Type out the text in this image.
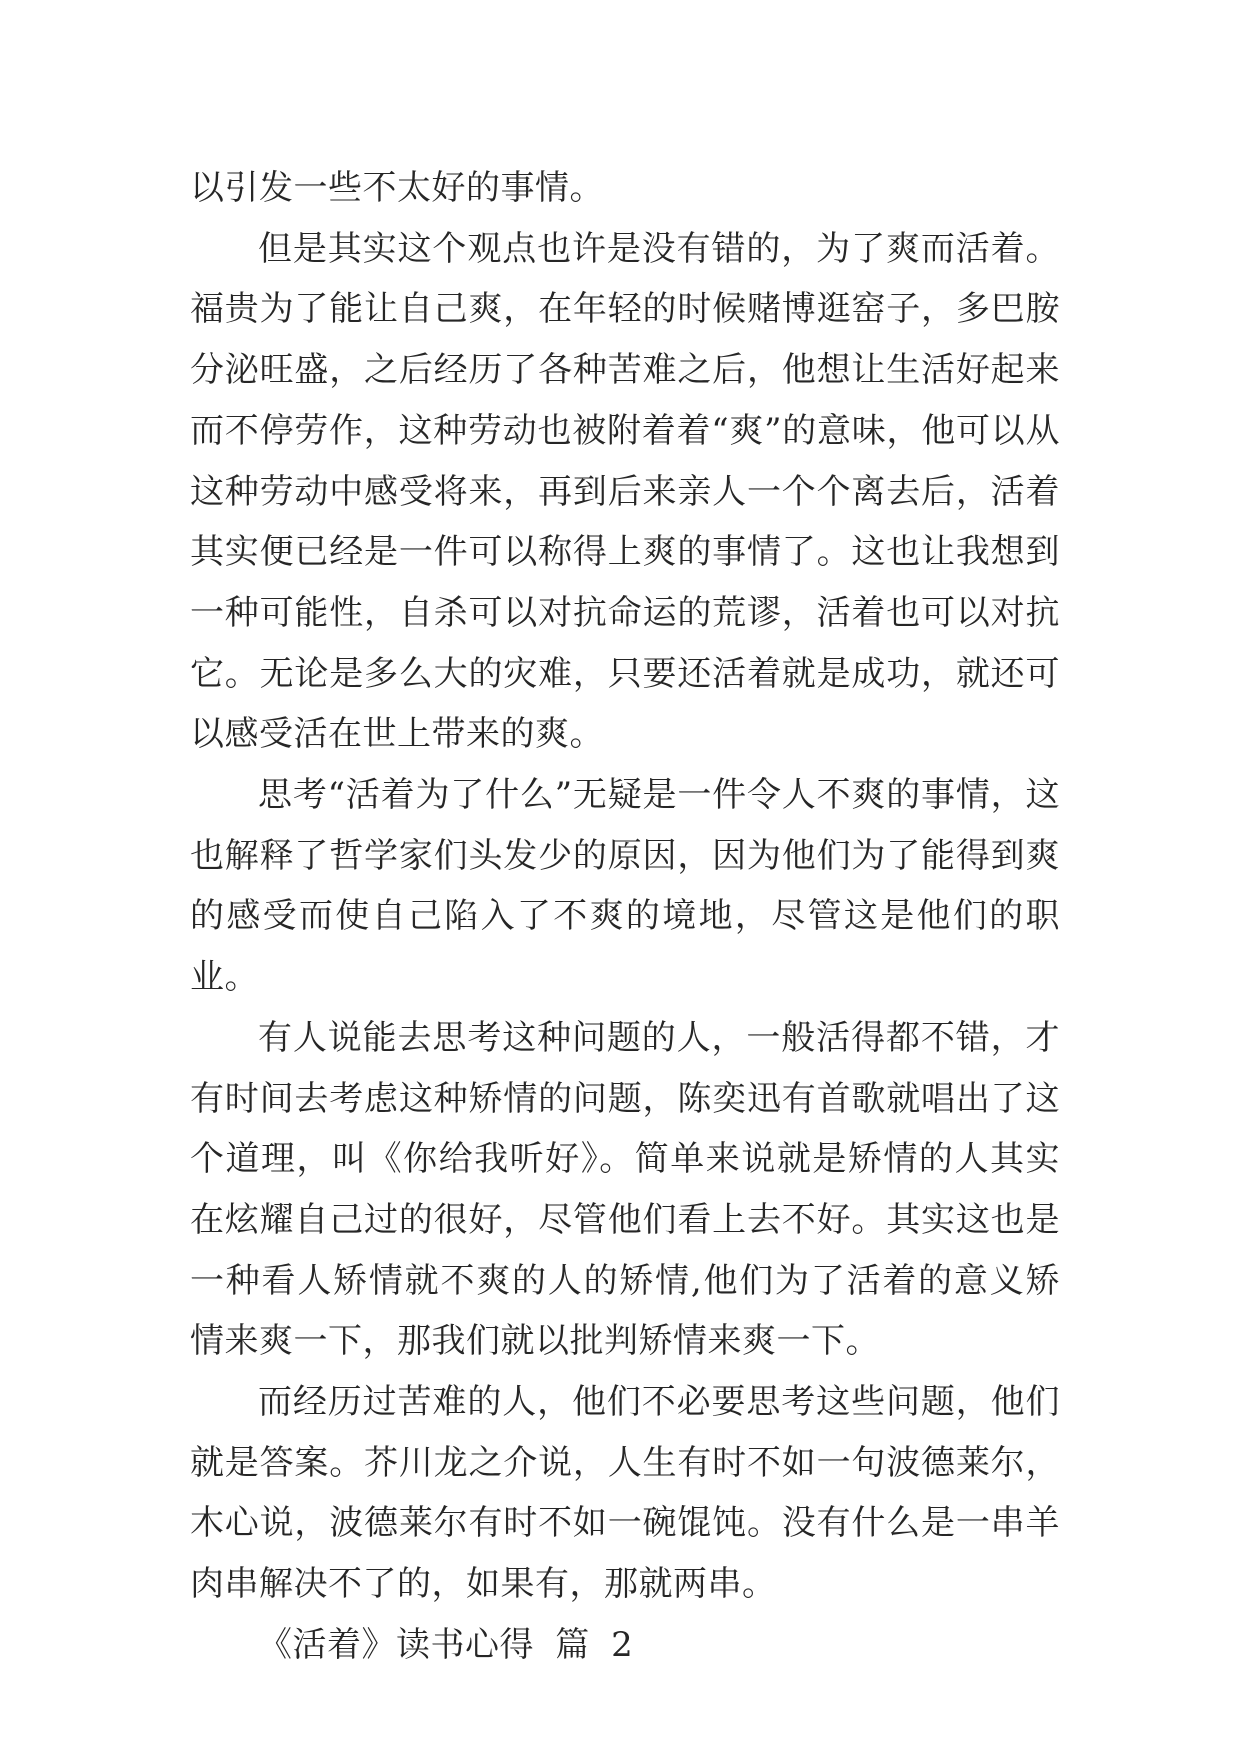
以引发一些不太好的事情。

但是其实这个观点也许是没有错的，为了爽而活着。福贵为了能让自己爽，在年轻的时候赌博逛窑子，多巴胺分泌旺盛，之后经历了各种苦难之后，他想让生活好起来而不停劳作，这种劳动也被附着着“爽”的意味，他可以从这种劳动中感受将来，再到后来亲人一个个离去后，活着其实便已经是一件可以称得上爽的事情了。这也让我想到一种可能性，自杀可以对抗命运的荒谬，活着也可以对抗它。无论是多么大的灾难，只要还活着就是成功，就还可以感受活在世上带来的爽。

思考“活着为了什么”无疑是一件令人不爽的事情，这也解释了哲学家们头发少的原因，因为他们为了能得到爽的感受而使自己陷入了不爽的境地，尽管这是他们的职业。

有人说能去思考这种问题的人，一般活得都不错，才有时间去考虑这种矫情的问题，陈奕迅有首歌就唱出了这个道理，叫《你给我听好》。简单来说就是矫情的人其实在炫耀自己过的很好，尽管他们看上去不好。其实这也是一种看人矫情就不爽的人的矫情,他们为了活着的意义矫情来爽一下，那我们就以批判矫情来爽一下。

而经历过苦难的人，他们不必要思考这些问题，他们就是答案。芥川龙之介说，人生有时不如一句波德莱尔，木心说，波德莱尔有时不如一碗馄饨。没有什么是一串羊肉串解决不了的，如果有，那就两串。

《活着》读书心得 篇 2
